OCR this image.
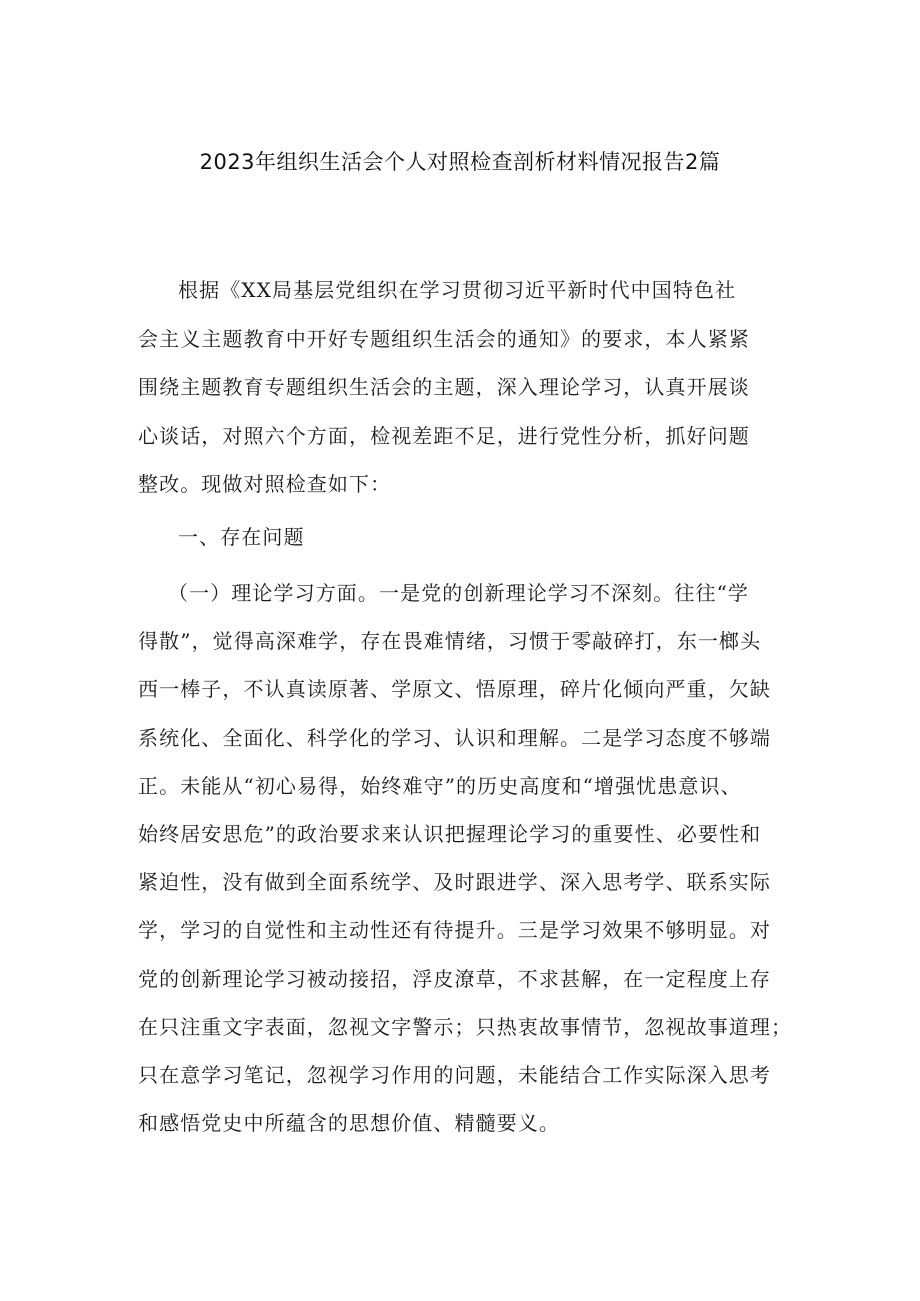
2023年组织生活会个人对照检查剖析材料情况报告2篇
根据《XX局基层党组织在学习贯彻习近平新时代中国特色社
会主义主题教育中开好专题组织生活会的通知》的要求，本人紧紧
围绕主题教育专题组织生活会的主题，深入理论学习，认真开展谈
心谈话，对照六个方面，检视差距不足，进行党性分析，抓好问题
整改。现做对照检查如下：
一、存在问题
（一）理论学习方面。一是党的创新理论学习不深刻。往往“学
得散”，觉得高深难学，存在畏难情绪，习惯于零敲碎打，东一榔头
西一棒子，不认真读原著、学原文、悟原理，碎片化倾向严重，欠缺
系统化、全面化、科学化的学习、认识和理解。二是学习态度不够端
正。未能从“初心易得，始终难守”的历史高度和“增强忧患意识、
始终居安思危”的政治要求来认识把握理论学习的重要性、必要性和
紧迫性，没有做到全面系统学、及时跟进学、深入思考学、联系实际
学，学习的自觉性和主动性还有待提升。三是学习效果不够明显。对
党的创新理论学习被动接招，浮皮潦草，不求甚解，在一定程度上存
在只注重文字表面，忽视文字警示；只热衷故事情节，忽视故事道理；
只在意学习笔记，忽视学习作用的问题，未能结合工作实际深入思考
和感悟党史中所蕴含的思想价值、精髓要义。
